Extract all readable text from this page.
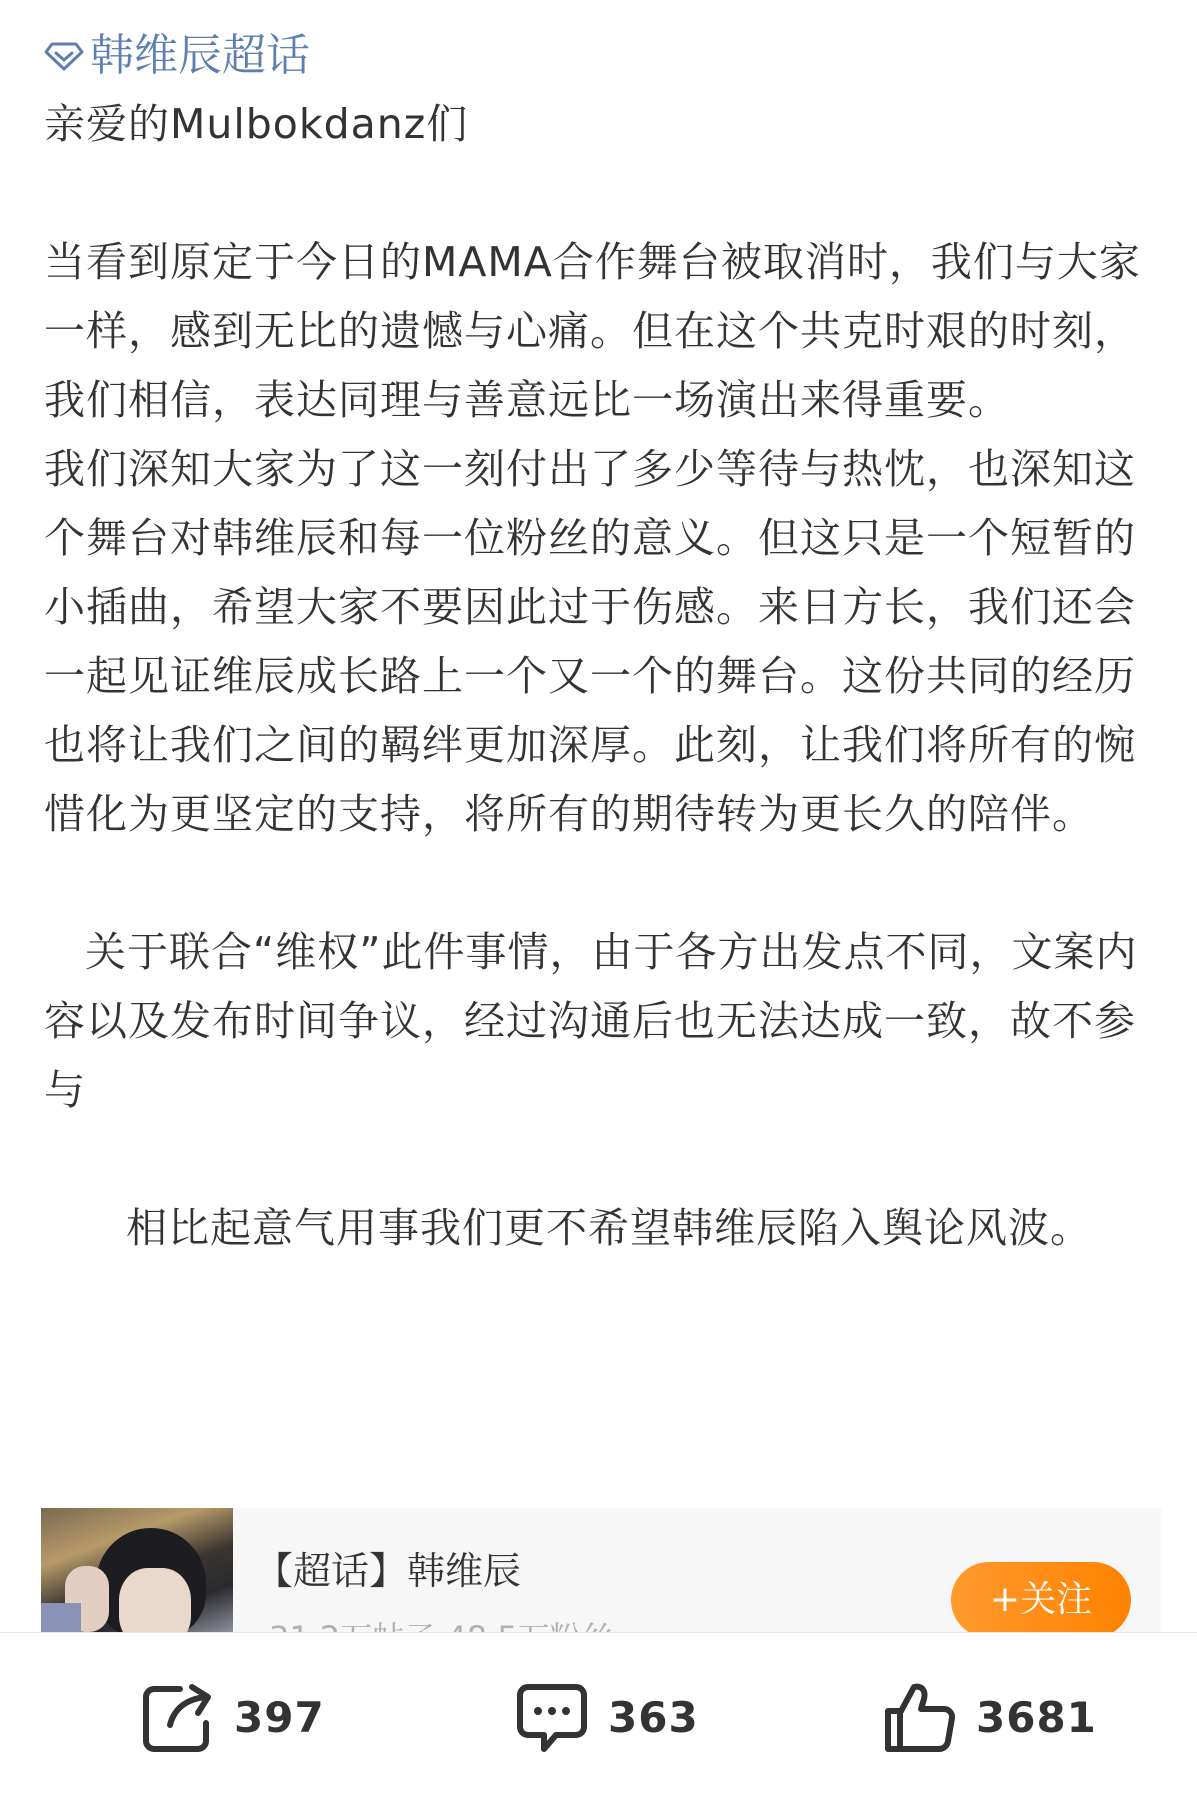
韩维辰超话

亲爱的Mulbokdanz们

当看到原定于今日的MAMA合作舞台被取消时，我们与大家一样，感到无比的遗憾与心痛。但在这个共克时艰的时刻，我们相信，表达同理与善意远比一场演出来得重要。

我们深知大家为了这一刻付出了多少等待与热忱，也深知这个舞台对韩维辰和每一位粉丝的意义。但这只是一个短暂的小插曲，希望大家不要因此过于伤感。来日方长，我们还会一起见证维辰成长路上一个又一个的舞台。这份共同的经历也将让我们之间的羁绊更加深厚。此刻，让我们将所有的惋惜化为更坚定的支持，将所有的期待转为更长久的陪伴。

关于联合“维权”此件事情，由于各方出发点不同，文案内容以及发布时间争议，经过沟通后也无法达成一致，故不参与

相比起意气用事我们更不希望韩维辰陷入舆论风波。

【超话】韩维辰
+关注
397	363	3681
